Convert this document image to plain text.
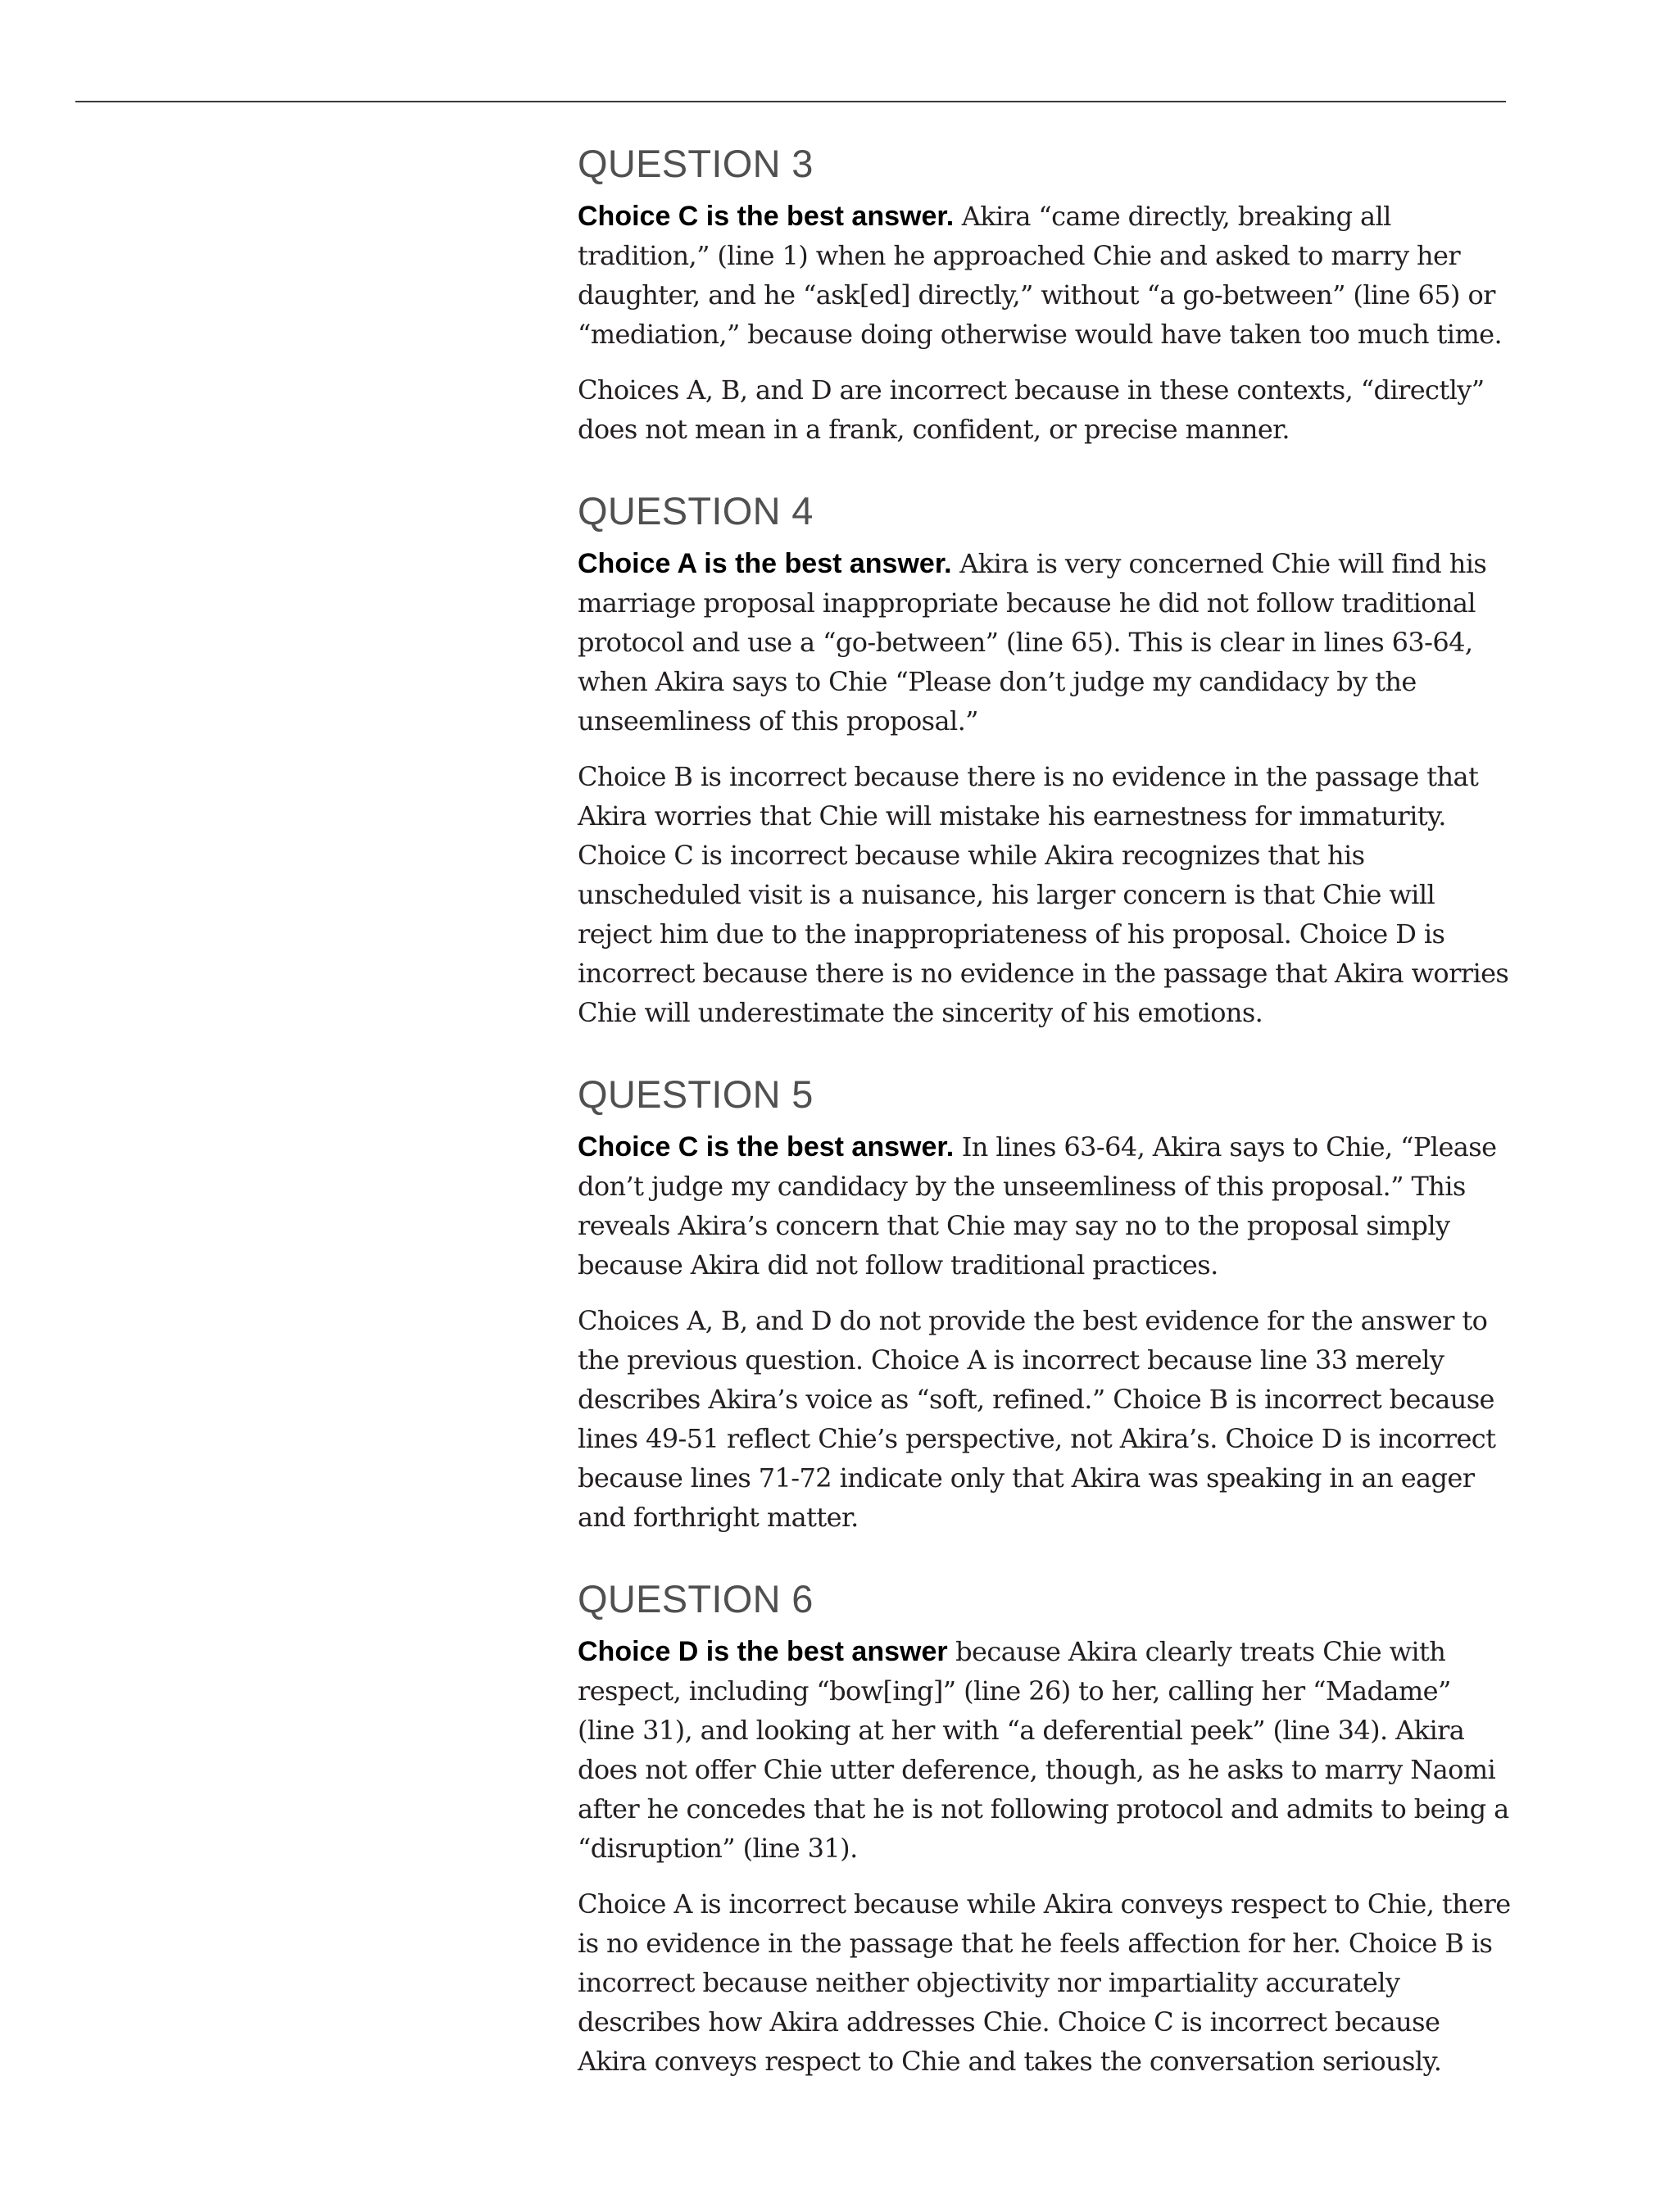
QUESTION 3

Choice C is the best answer. Akira “came directly, breaking all tradition,” (line 1) when he approached Chie and asked to marry her daughter, and he “ask[ed] directly,” without “a go-between” (line 65) or “mediation,” because doing otherwise would have taken too much time.

Choices A, B, and D are incorrect because in these contexts, “directly” does not mean in a frank, confident, or precise manner.

QUESTION 4

Choice A is the best answer. Akira is very concerned Chie will find his marriage proposal inappropriate because he did not follow traditional protocol and use a “go-between” (line 65). This is clear in lines 63-64, when Akira says to Chie “Please don’t judge my candidacy by the unseemliness of this proposal.”

Choice B is incorrect because there is no evidence in the passage that Akira worries that Chie will mistake his earnestness for immaturity. Choice C is incorrect because while Akira recognizes that his unscheduled visit is a nuisance, his larger concern is that Chie will reject him due to the inappropriateness of his proposal. Choice D is incorrect because there is no evidence in the passage that Akira worries Chie will underestimate the sincerity of his emotions.

QUESTION 5

Choice C is the best answer. In lines 63-64, Akira says to Chie, “Please don’t judge my candidacy by the unseemliness of this proposal.” This reveals Akira’s concern that Chie may say no to the proposal simply because Akira did not follow traditional practices.

Choices A, B, and D do not provide the best evidence for the answer to the previous question. Choice A is incorrect because line 33 merely describes Akira’s voice as “soft, refined.” Choice B is incorrect because lines 49-51 reflect Chie’s perspective, not Akira’s. Choice D is incorrect because lines 71-72 indicate only that Akira was speaking in an eager and forthright matter.

QUESTION 6

Choice D is the best answer because Akira clearly treats Chie with respect, including “bow[ing]” (line 26) to her, calling her “Madame” (line 31), and looking at her with “a deferential peek” (line 34). Akira does not offer Chie utter deference, though, as he asks to marry Naomi after he concedes that he is not following protocol and admits to being a “disruption” (line 31).

Choice A is incorrect because while Akira conveys respect to Chie, there is no evidence in the passage that he feels affection for her. Choice B is incorrect because neither objectivity nor impartiality accurately describes how Akira addresses Chie. Choice C is incorrect because Akira conveys respect to Chie and takes the conversation seriously.
